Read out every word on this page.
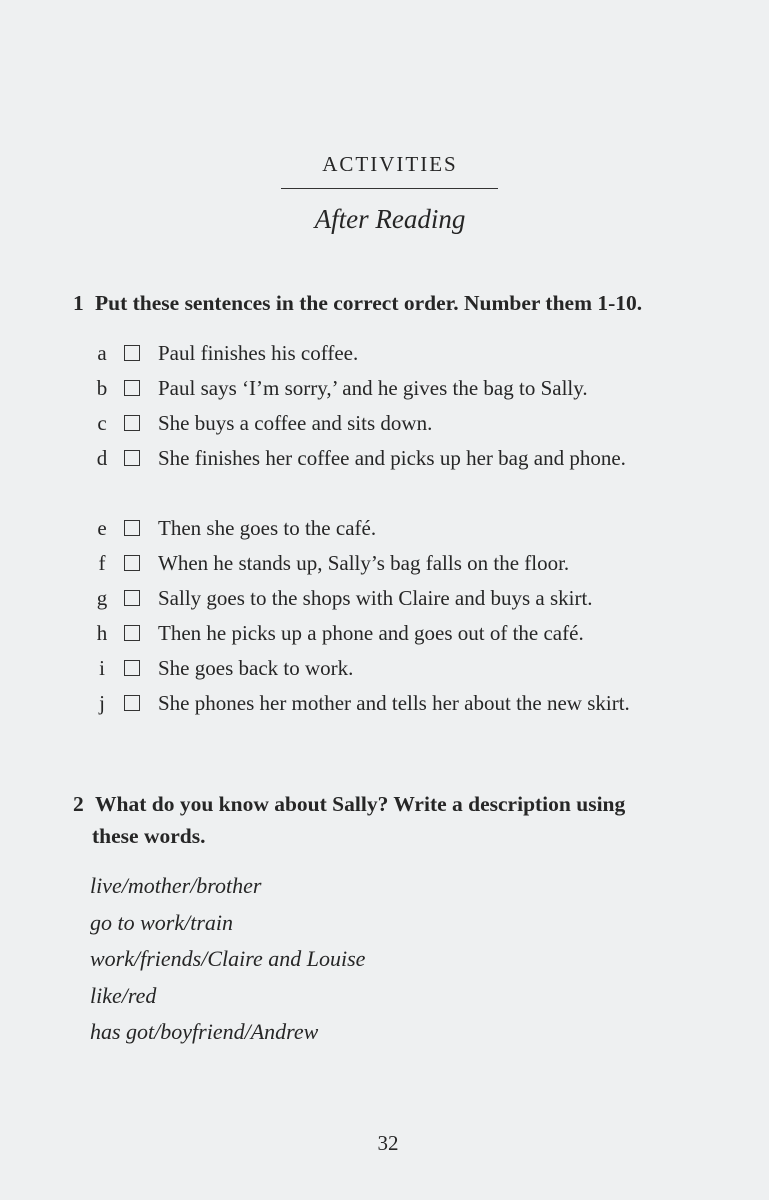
ACTIVITIES
After Reading
1 Put these sentences in the correct order. Number them 1-10.
a Paul finishes his coffee.
b Paul says ‘I’m sorry,’ and he gives the bag to Sally.
c She buys a coffee and sits down.
d She finishes her coffee and picks up her bag and phone.
e Then she goes to the café.
f	When he stands up, Sally’s bag falls on the floor.
g Sally goes to the shops with Claire and buys a skirt.
h Then he picks up a phone and goes out of the café.
i	She goes back to work.
j	She phones her mother and tells her about the new skirt.
2 What do you know about Sally? Write a description using
these words.
live/mother/brother
go to work/train
work/friends/Claire and Louise
like/red
has got/boyfriend/Andrew
32
